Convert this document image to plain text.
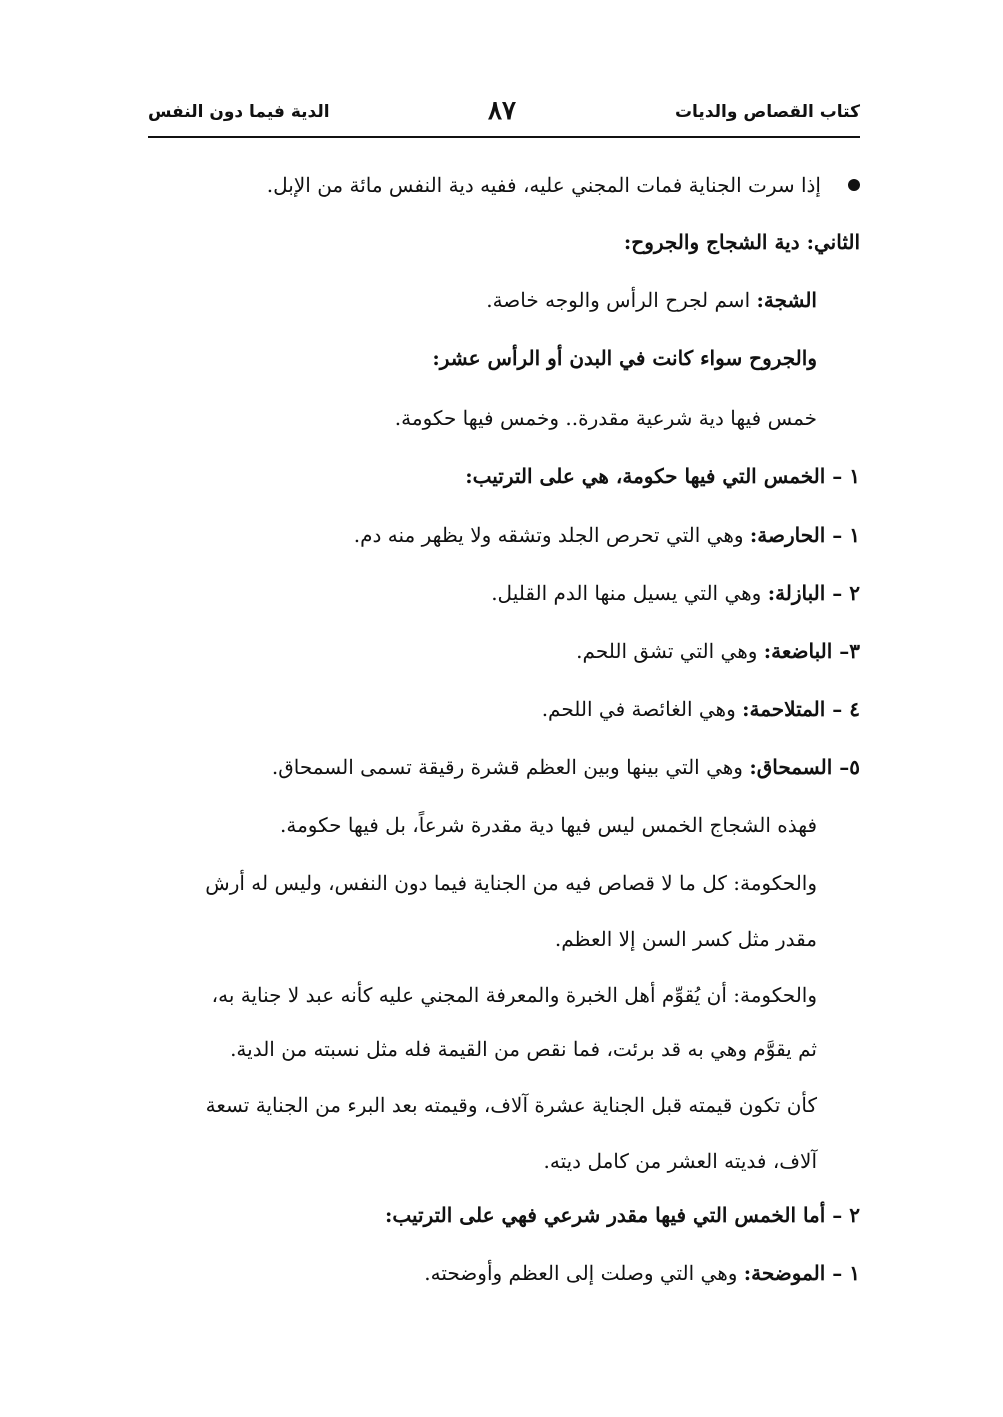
كتاب القصاص والديات
٨٧
الدية فيما دون النفس
إذا سرت الجناية فمات المجني عليه، ففيه دية النفس مائة من الإبل.
الثاني: دية الشجاج والجروح:
الشجة: اسم لجرح الرأس والوجه خاصة.
والجروح سواء كانت في البدن أو الرأس عشر:
خمس فيها دية شرعية مقدرة.. وخمس فيها حكومة.
١ – الخمس التي فيها حكومة، هي على الترتيب:
١ – الحارصة: وهي التي تحرص الجلد وتشقه ولا يظهر منه دم.
٢ – البازلة: وهي التي يسيل منها الدم القليل.
٣– الباضعة: وهي التي تشق اللحم.
٤ – المتلاحمة: وهي الغائصة في اللحم.
٥– السمحاق: وهي التي بينها وبين العظم قشرة رقيقة تسمى السمحاق.
فهذه الشجاج الخمس ليس فيها دية مقدرة شرعاً، بل فيها حكومة.
والحكومة: كل ما لا قصاص فيه من الجناية فيما دون النفس، وليس له أرش
مقدر مثل كسر السن إلا العظم.
والحكومة: أن يُقوِّم أهل الخبرة والمعرفة المجني عليه كأنه عبد لا جناية به،
ثم يقوَّم وهي به قد برئت، فما نقص من القيمة فله مثل نسبته من الدية.
كأن تكون قيمته قبل الجناية عشرة آلاف، وقيمته بعد البرء من الجناية تسعة
آلاف، فديته العشر من كامل ديته.
٢ – أما الخمس التي فيها مقدر شرعي فهي على الترتيب:
١ – الموضحة: وهي التي وصلت إلى العظم وأوضحته.
